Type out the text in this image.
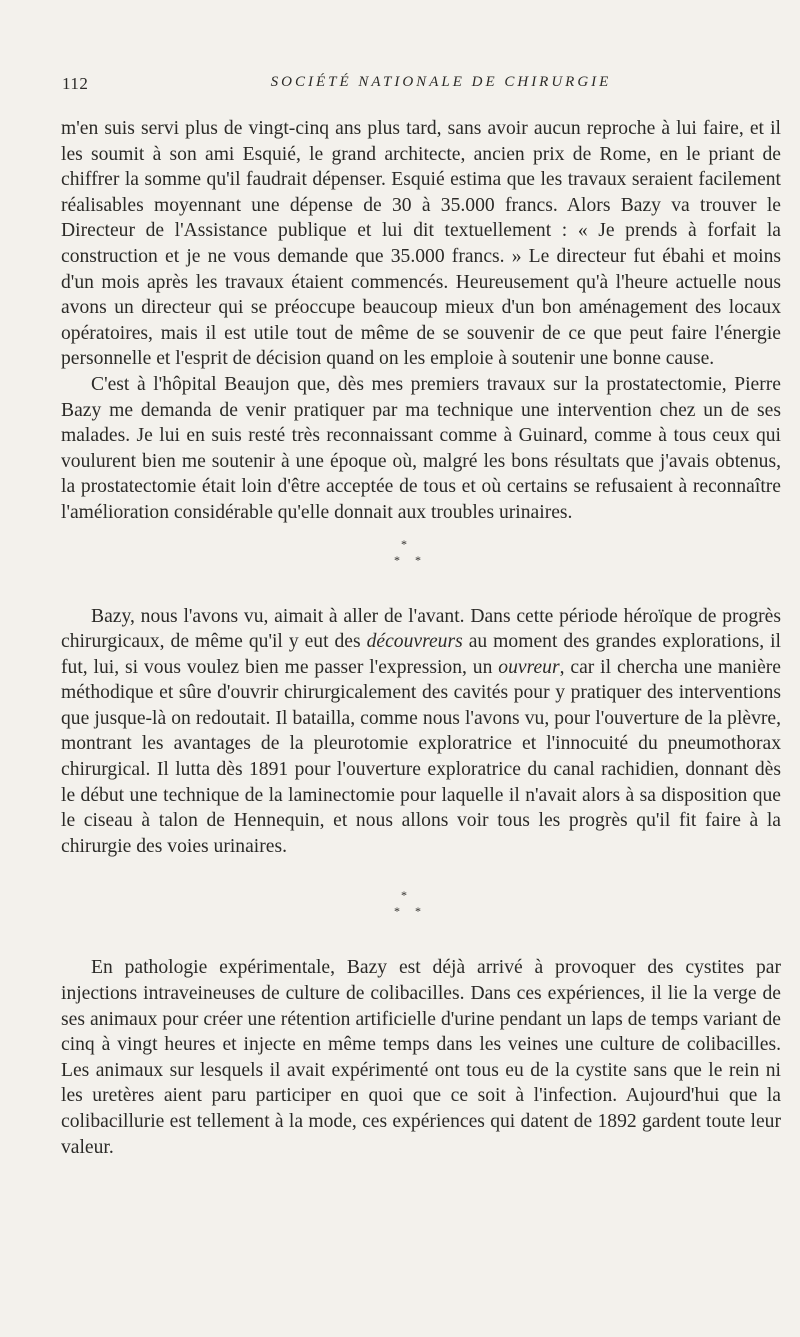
112	SOCIÉTÉ NATIONALE DE CHIRURGIE

m'en suis servi plus de vingt-cinq ans plus tard, sans avoir aucun reproche à lui faire, et il les soumit à son ami Esquié, le grand architecte, ancien prix de Rome, en le priant de chiffrer la somme qu'il faudrait dépenser. Esquié estima que les travaux seraient facilement réalisables moyennant une dépense de 30 à 35.000 francs. Alors Bazy va trouver le Directeur de l'Assistance publique et lui dit textuellement : « Je prends à forfait la construction et je ne vous demande que 35.000 francs. » Le directeur fut ébahi et moins d'un mois après les travaux étaient commencés. Heureusement qu'à l'heure actuelle nous avons un directeur qui se préoccupe beaucoup mieux d'un bon aménagement des locaux opératoires, mais il est utile tout de même de se souvenir de ce que peut faire l'énergie personnelle et l'esprit de décision quand on les emploie à soutenir une bonne cause.

C'est à l'hôpital Beaujon que, dès mes premiers travaux sur la prostatectomie, Pierre Bazy me demanda de venir pratiquer par ma technique une intervention chez un de ses malades. Je lui en suis resté très reconnaissant comme à Guinard, comme à tous ceux qui voulurent bien me soutenir à une époque où, malgré les bons résultats que j'avais obtenus, la prostatectomie était loin d'être acceptée de tous et où certains se refusaient à reconnaître l'amélioration considérable qu'elle donnait aux troubles urinaires.

*
* *

Bazy, nous l'avons vu, aimait à aller de l'avant. Dans cette période héroïque de progrès chirurgicaux, de même qu'il y eut des découvreurs au moment des grandes explorations, il fut, lui, si vous voulez bien me passer l'expression, un ouvreur, car il chercha une manière méthodique et sûre d'ouvrir chirurgicalement des cavités pour y pratiquer des interventions que jusque-là on redoutait. Il batailla, comme nous l'avons vu, pour l'ouverture de la plèvre, montrant les avantages de la pleurotomie exploratrice et l'innocuité du pneumothorax chirurgical. Il lutta dès 1891 pour l'ouverture exploratrice du canal rachidien, donnant dès le début une technique de la laminectomie pour laquelle il n'avait alors à sa disposition que le ciseau à talon de Hennequin, et nous allons voir tous les progrès qu'il fit faire à la chirurgie des voies urinaires.

*
* *

En pathologie expérimentale, Bazy est déjà arrivé à provoquer des cystites par injections intraveineuses de culture de colibacilles. Dans ces expériences, il lie la verge de ses animaux pour créer une rétention artificielle d'urine pendant un laps de temps variant de cinq à vingt heures et injecte en même temps dans les veines une culture de colibacilles. Les animaux sur lesquels il avait expérimenté ont tous eu de la cystite sans que le rein ni les uretères aient paru participer en quoi que ce soit à l'infection. Aujourd'hui que la colibacillurie est tellement à la mode, ces expériences qui datent de 1892 gardent toute leur valeur.
